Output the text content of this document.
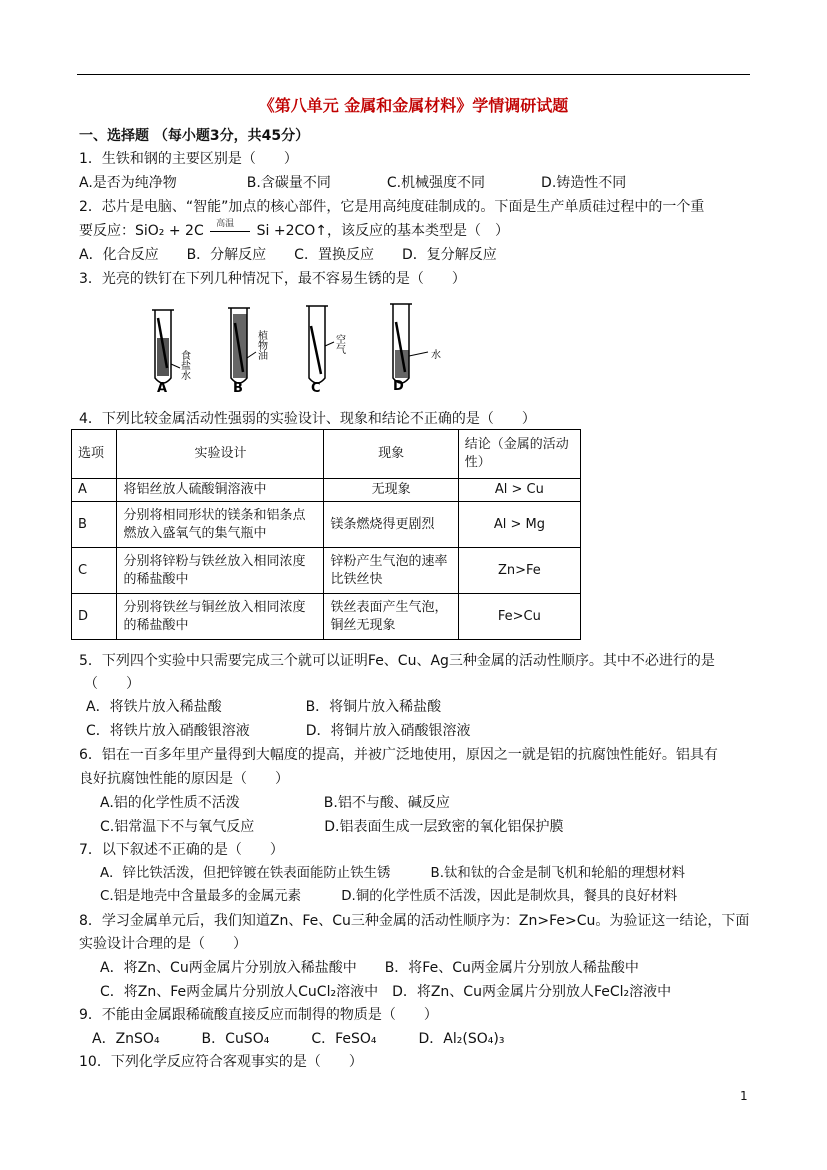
《第八单元 金属和金属材料》学情调研试题
一、选择题 （每小题3分，共45分）
1．生铁和钢的主要区别是（　　）
A.是否为纯净物　　　　　B.含碳量不同　　　　C.机械强度不同　　　　D.铸造性不同
2．芯片是电脑、“智能”加点的核心部件，它是用高纯度硅制成的。下面是生产单质硅过程中的一个重
要反应：SiO₂ + 2C 高温 Si +2CO↑，该反应的基本类型是（　）
A．化合反应　　B．分解反应　　C．置换反应　　D．复分解反应
3．光亮的铁钉在下列几种情况下，最不容易生锈的是（　　）
食盐水
A
植物油
B
空气
C
水
D
4．下列比较金属活动性强弱的实验设计、现象和结论不正确的是（　　）
选项	实验设计	现象	结论（金属的活动性）
A	将铝丝放人硫酸铜溶液中	无现象	Al > Cu
B	分别将相同形状的镁条和铝条点燃放入盛氧气的集气瓶中	镁条燃烧得更剧烈	Al > Mg
C	分别将锌粉与铁丝放入相同浓度的稀盐酸中	锌粉产生气泡的速率比铁丝快	Zn>Fe
D	分别将铁丝与铜丝放入相同浓度的稀盐酸中	铁丝表面产生气泡，铜丝无现象	Fe>Cu
5．下列四个实验中只需要完成三个就可以证明Fe、Cu、Ag三种金属的活动性顺序。其中不必进行的是
（　　）
A．将铁片放入稀盐酸　　　　　　B．将铜片放入稀盐酸
C．将铁片放入硝酸银溶液　　　　D．将铜片放入硝酸银溶液
6．铝在一百多年里产量得到大幅度的提高，并被广泛地使用，原因之一就是铝的抗腐蚀性能好。铝具有
良好抗腐蚀性能的原因是（　　）
A.铝的化学性质不活泼　　　　　　B.铝不与酸、碱反应
C.铝常温下不与氧气反应　　　　　D.铝表面生成一层致密的氧化铝保护膜
7．以下叙述不正确的是（　　）
A．锌比铁活泼，但把锌镀在铁表面能防止铁生锈　　　B.钛和钛的合金是制飞机和轮船的理想材料
C.铝是地壳中含量最多的金属元素　　　D.铜的化学性质不活泼，因此是制炊具，餐具的良好材料
8．学习金属单元后，我们知道Zn、Fe、Cu三种金属的活动性顺序为：Zn>Fe>Cu。为验证这一结论，下面
实验设计合理的是（　　）
A．将Zn、Cu两金属片分别放入稀盐酸中　　B．将Fe、Cu两金属片分别放人稀盐酸中
C．将Zn、Fe两金属片分别放人CuCl₂溶液中　D．将Zn、Cu两金属片分别放人FeCl₂溶液中
9．不能由金属跟稀硫酸直接反应而制得的物质是（　　）
A．ZnSO₄　　　B．CuSO₄　　　C．FeSO₄　　　D．Al₂(SO₄)₃
10．下列化学反应符合客观事实的是（　　）
1
